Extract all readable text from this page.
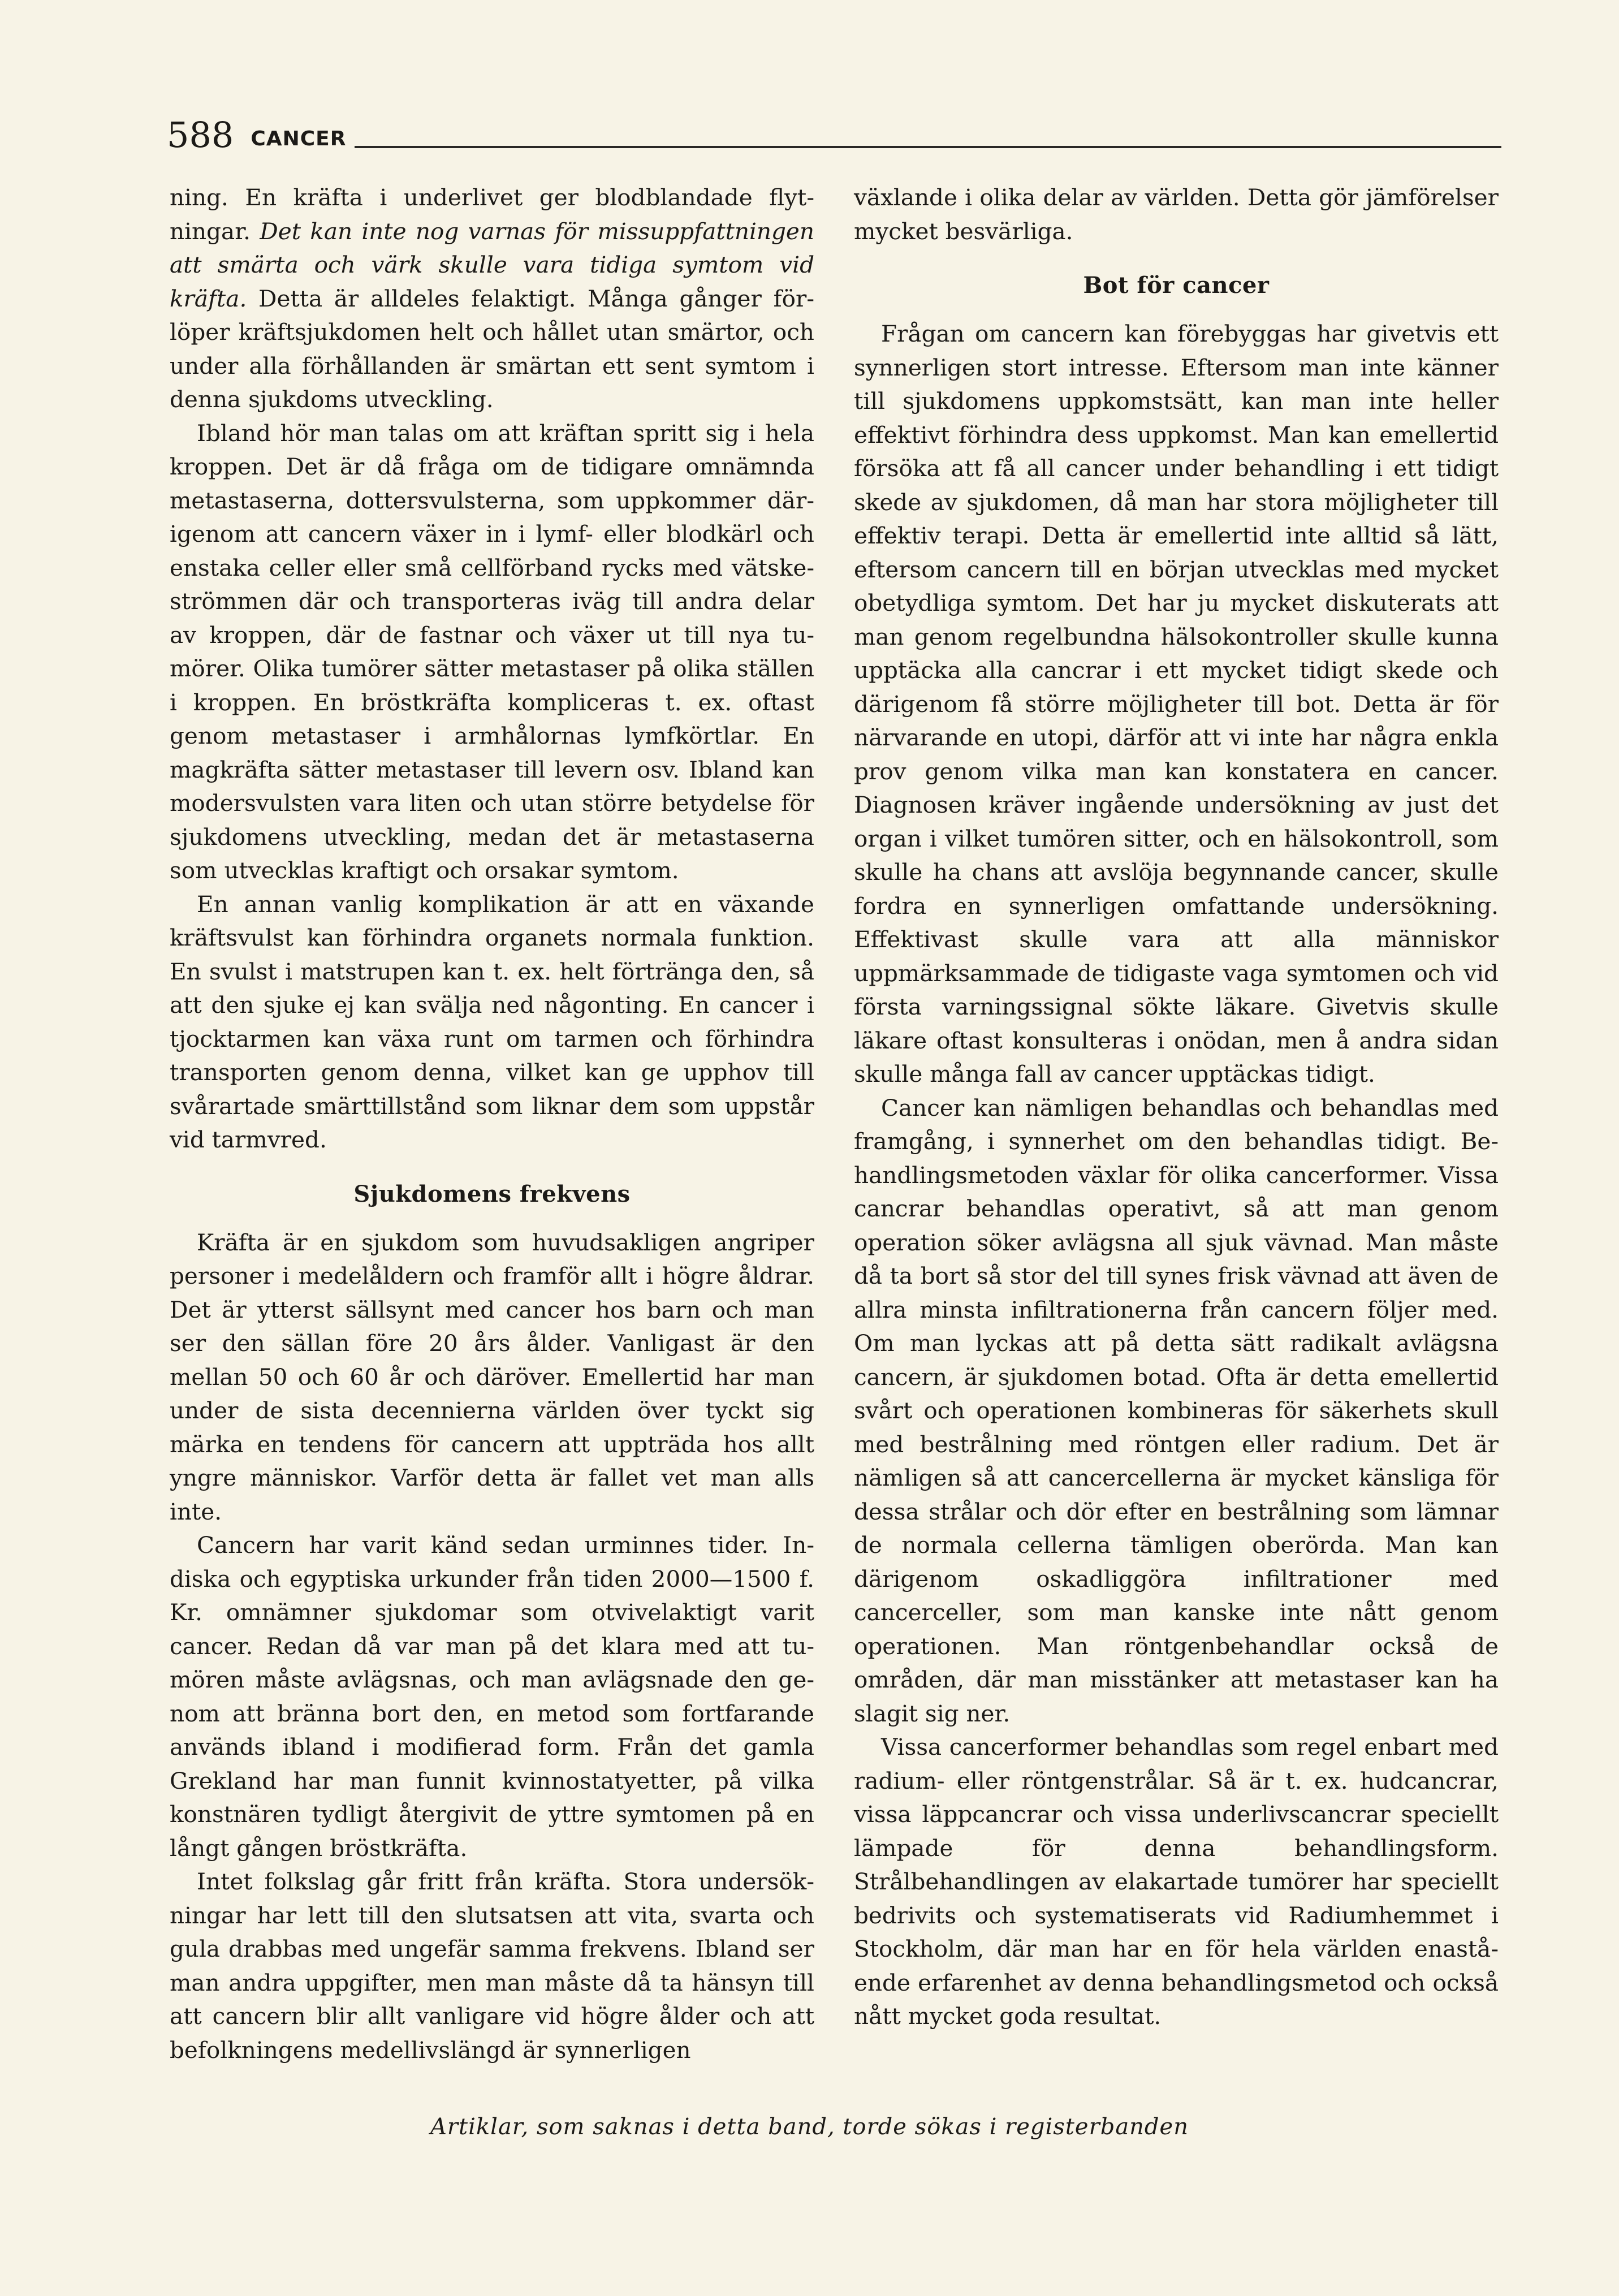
588 CANCER

ning. En kräfta i underlivet ger blodblandade flytningar. Det kan inte nog varnas för missuppfattningen att smärta och värk skulle vara tidiga symtom vid kräfta. Detta är alldeles felaktigt. Många gånger förlöper kräftsjukdomen helt och hållet utan smärtor, och under alla förhållanden är smärtan ett sent symtom i denna sjukdoms utveckling.

Ibland hör man talas om att kräftan spritt sig i hela kroppen. Det är då fråga om de tidigare omnämnda metastaserna, dottersvulsterna, som uppkommer därigenom att cancern växer in i lymf- eller blodkärl och enstaka celler eller små cellförband rycks med vätskeströmmen där och transporteras iväg till andra delar av kroppen, där de fastnar och växer ut till nya tumörer. Olika tumörer sätter metastaser på olika ställen i kroppen. En bröstkräfta kompliceras t. ex. oftast genom metastaser i armhålornas lymfkörtlar. En magkräfta sätter metastaser till levern osv. Ibland kan modersvulsten vara liten och utan större betydelse för sjukdomens utveckling, medan det är metastaserna som utvecklas kraftigt och orsakar symtom.

En annan vanlig komplikation är att en växande kräftsvulst kan förhindra organets normala funktion. En svulst i matstrupen kan t. ex. helt förtränga den, så att den sjuke ej kan svälja ned någonting. En cancer i tjocktarmen kan växa runt om tarmen och förhindra transporten genom denna, vilket kan ge upphov till svårartade smärttillstånd som liknar dem som uppstår vid tarmvred.

Sjukdomens frekvens

Kräfta är en sjukdom som huvudsakligen angriper personer i medelåldern och framför allt i högre åldrar. Det är ytterst sällsynt med cancer hos barn och man ser den sällan före 20 års ålder. Vanligast är den mellan 50 och 60 år och däröver. Emellertid har man under de sista decennierna världen över tyckt sig märka en tendens för cancern att uppträda hos allt yngre människor. Varför detta är fallet vet man alls inte.

Cancern har varit känd sedan urminnes tider. Indiska och egyptiska urkunder från tiden 2000—1500 f. Kr. omnämner sjukdomar som otvivelaktigt varit cancer. Redan då var man på det klara med att tumören måste avlägsnas, och man avlägsnade den genom att bränna bort den, en metod som fortfarande används ibland i modifierad form. Från det gamla Grekland har man funnit kvinnostatyetter, på vilka konstnären tydligt återgivit de yttre symtomen på en långt gången bröstkräfta.

Intet folkslag går fritt från kräfta. Stora undersökningar har lett till den slutsatsen att vita, svarta och gula drabbas med ungefär samma frekvens. Ibland ser man andra uppgifter, men man måste då ta hänsyn till att cancern blir allt vanligare vid högre ålder och att befolkningens medellivslängd är synnerligen

växlande i olika delar av världen. Detta gör jämförelser mycket besvärliga.

Bot för cancer

Frågan om cancern kan förebyggas har givetvis ett synnerligen stort intresse. Eftersom man inte känner till sjukdomens uppkomstsätt, kan man inte heller effektivt förhindra dess uppkomst. Man kan emellertid försöka att få all cancer under behandling i ett tidigt skede av sjukdomen, då man har stora möjligheter till effektiv terapi. Detta är emellertid inte alltid så lätt, eftersom cancern till en början utvecklas med mycket obetydliga symtom. Det har ju mycket diskuterats att man genom regelbundna hälsokontroller skulle kunna upptäcka alla cancrar i ett mycket tidigt skede och därigenom få större möjligheter till bot. Detta är för närvarande en utopi, därför att vi inte har några enkla prov genom vilka man kan konstatera en cancer. Diagnosen kräver ingående undersökning av just det organ i vilket tumören sitter, och en hälsokontroll, som skulle ha chans att avslöja begynnande cancer, skulle fordra en synnerligen omfattande undersökning. Effektivast skulle vara att alla människor uppmärksammade de tidigaste vaga symtomen och vid första varningssignal sökte läkare. Givetvis skulle läkare oftast konsulteras i onödan, men å andra sidan skulle många fall av cancer upptäckas tidigt.

Cancer kan nämligen behandlas och behandlas med framgång, i synnerhet om den behandlas tidigt. Behandlingsmetoden växlar för olika cancerformer. Vissa cancrar behandlas operativt, så att man genom operation söker avlägsna all sjuk vävnad. Man måste då ta bort så stor del till synes frisk vävnad att även de allra minsta infiltrationerna från cancern följer med. Om man lyckas att på detta sätt radikalt avlägsna cancern, är sjukdomen botad. Ofta är detta emellertid svårt och operationen kombineras för säkerhets skull med bestrålning med röntgen eller radium. Det är nämligen så att cancercellerna är mycket känsliga för dessa strålar och dör efter en bestrålning som lämnar de normala cellerna tämligen oberörda. Man kan därigenom oskadliggöra infiltrationer med cancerceller, som man kanske inte nått genom operationen. Man röntgenbehandlar också de områden, där man misstänker att metastaser kan ha slagit sig ner.

Vissa cancerformer behandlas som regel enbart med radium- eller röntgenstrålar. Så är t. ex. hudcancrar, vissa läppcancrar och vissa underlivscancrar speciellt lämpade för denna behandlingsform. Strålbehandlingen av elakartade tumörer har speciellt bedrivits och systematiserats vid Radiumhemmet i Stockholm, där man har en för hela världen enastående erfarenhet av denna behandlingsmetod och också nått mycket goda resultat.

Artiklar, som saknas i detta band, torde sökas i registerbanden
